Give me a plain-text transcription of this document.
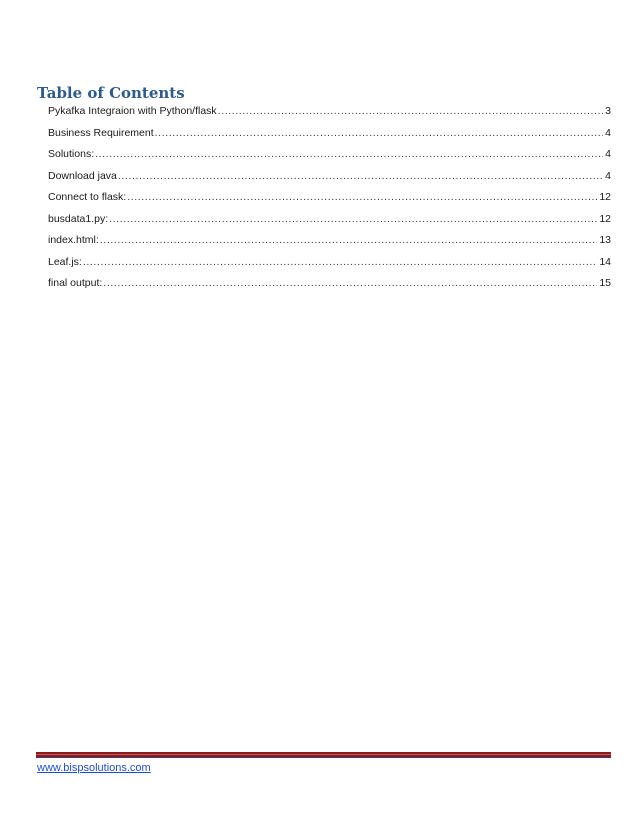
Table of Contents
Pykafka Integraion with Python/flask .....	3
Business Requirement .....	4
Solutions: .....	4
Download java .....	4
Connect to flask: .....	12
busdata1.py: .....	12
index.html: .....	13
Leaf.js: .....	14
final output: .....	15
www.bispsolutions.com
